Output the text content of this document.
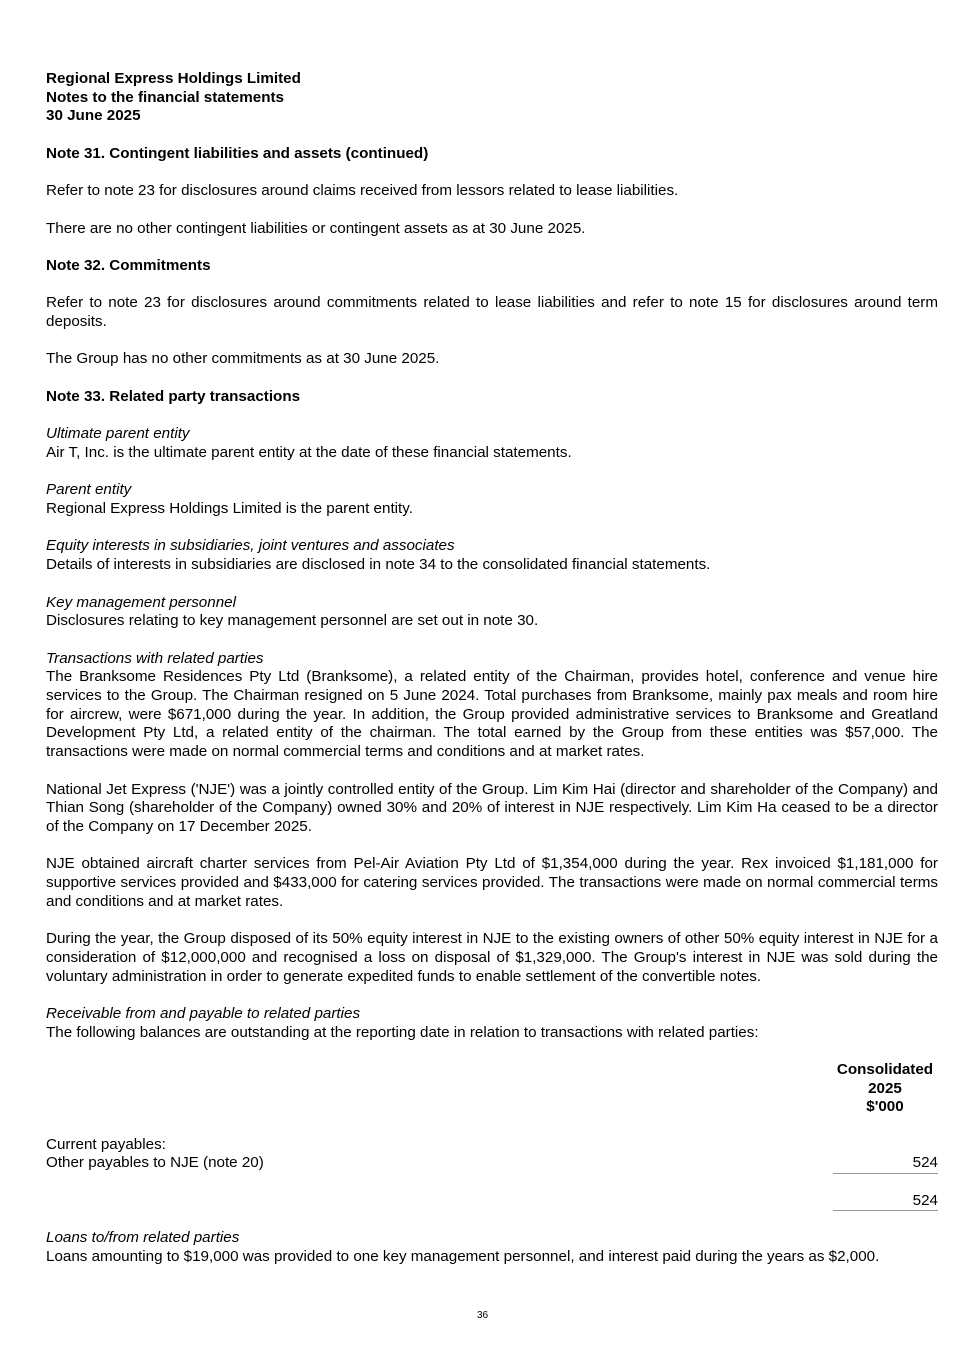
Regional Express Holdings Limited

Notes to the financial statements

30 June 2025

Note 31. Contingent liabilities and assets (continued)

Refer to note 23 for disclosures around claims received from lessors related to lease liabilities.

There are no other contingent liabilities or contingent assets as at 30 June 2025.

Note 32. Commitments

Refer to note 23 for disclosures around commitments related to lease liabilities and refer to note 15 for disclosures around term deposits.

The Group has no other commitments as at 30 June 2025.

Note 33. Related party transactions

Ultimate parent entity

Air T, Inc. is the ultimate parent entity at the date of these financial statements.

Parent entity

Regional Express Holdings Limited is the parent entity.

Equity interests in subsidiaries, joint ventures and associates

Details of interests in subsidiaries are disclosed in note 34 to the consolidated financial statements.

Key management personnel

Disclosures relating to key management personnel are set out in note 30.

Transactions with related parties

The Branksome Residences Pty Ltd (Branksome), a related entity of the Chairman, provides hotel, conference and venue hire services to the Group. The Chairman resigned on 5 June 2024. Total purchases from Branksome, mainly pax meals and room hire for aircrew, were $671,000 during the year. In addition, the Group provided administrative services to Branksome and Greatland Development Pty Ltd, a related entity of the chairman. The total earned by the Group from these entities was $57,000. The transactions were made on normal commercial terms and conditions and at market rates.

National Jet Express ('NJE') was a jointly controlled entity of the Group. Lim Kim Hai (director and shareholder of the Company) and Thian Song (shareholder of the Company) owned 30% and 20% of interest in NJE respectively. Lim Kim Ha ceased to be a director of the Company on 17 December 2025.

NJE obtained aircraft charter services from Pel-Air Aviation Pty Ltd of $1,354,000 during the year. Rex invoiced $1,181,000 for supportive services provided and $433,000 for catering services provided. The transactions were made on normal commercial terms and conditions and at market rates.

During the year, the Group disposed of its 50% equity interest in NJE to the existing owners of other 50% equity interest in NJE for a consideration of $12,000,000 and recognised a loss on disposal of $1,329,000. The Group's interest in NJE was sold during the voluntary administration in order to generate expedited funds to enable settlement of the convertible notes.

Receivable from and payable to related parties

The following balances are outstanding at the reporting date in relation to transactions with related parties:

Consolidated
2025
$'000

Current payables:

Other payables to NJE (note 20)	524
524

Loans to/from related parties

Loans amounting to $19,000 was provided to one key management personnel, and interest paid during the years as $2,000.

36
